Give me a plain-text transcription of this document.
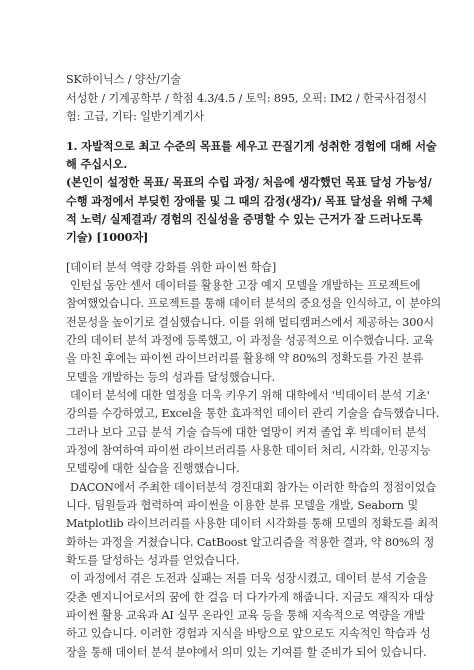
SK하이닉스 / 양산/기술
서성한 / 기계공학부 / 학점 4.3/4.5 / 토익: 895, 오픽: IM2 / 한국사검정시
험: 고급, 기타: 일반기계기사
1. 자발적으로 최고 수준의 목표를 세우고 끈질기게 성취한 경험에 대해 서술
해 주십시오.
(본인이 설정한 목표/ 목표의 수립 과정/ 처음에 생각했던 목표 달성 가능성/
수행 과정에서 부딪힌 장애물 및 그 때의 감정(생각)/ 목표 달성을 위해 구체
적 노력/ 실제결과/ 경험의 진실성을 증명할 수 있는 근거가 잘 드러나도록
기술) [1000자]
[데이터 분석 역량 강화를 위한 파이썬 학습]
인턴십 동안 센서 데이터를 활용한 고장 예지 모델을 개발하는 프로젝트에
참여했었습니다. 프로젝트를 통해 데이터 분석의 중요성을 인식하고, 이 분야의
전문성을 높이기로 결심했습니다. 이를 위해 멀티캠퍼스에서 제공하는 300시
간의 데이터 분석 과정에 등록했고, 이 과정을 성공적으로 이수했습니다. 교육
을 마친 후에는 파이썬 라이브러리를 활용해 약 80%의 정확도를 가진 분류
모델을 개발하는 등의 성과를 달성했습니다.
데이터 분석에 대한 열정을 더욱 키우기 위해 대학에서 '빅데이터 분석 기초'
강의를 수강하였고, Excel을 통한 효과적인 데이터 관리 기술을 습득했습니다.
그러나 보다 고급 분석 기술 습득에 대한 열망이 커져 졸업 후 빅데이터 분석
과정에 참여하여 파이썬 라이브러리를 사용한 데이터 처리, 시각화, 인공지능
모델링에 대한 실습을 진행했습니다.
DACON에서 주최한 데이터분석 경진대회 참가는 이러한 학습의 정점이었습
니다. 팀원들과 협력하여 파이썬을 이용한 분류 모델을 개발, Seaborn 및
Matplotlib 라이브러리를 사용한 데이터 시각화를 통해 모델의 정확도를 최적
화하는 과정을 거쳤습니다. CatBoost 알고리즘을 적용한 결과, 약 80%의 정
확도를 달성하는 성과를 얻었습니다.
이 과정에서 겪은 도전과 실패는 저를 더욱 성장시켰고, 데이터 분석 기술을
갖춘 엔지니어로서의 꿈에 한 걸음 더 다가가게 해줍니다. 지금도 재직자 대상
파이썬 활용 교육과 AI 실무 온라인 교육 등을 통해 지속적으로 역량을 개발
하고 있습니다. 이러한 경험과 지식을 바탕으로 앞으로도 지속적인 학습과 성
장을 통해 데이터 분석 분야에서 의미 있는 기여를 할 준비가 되어 있습니다.
